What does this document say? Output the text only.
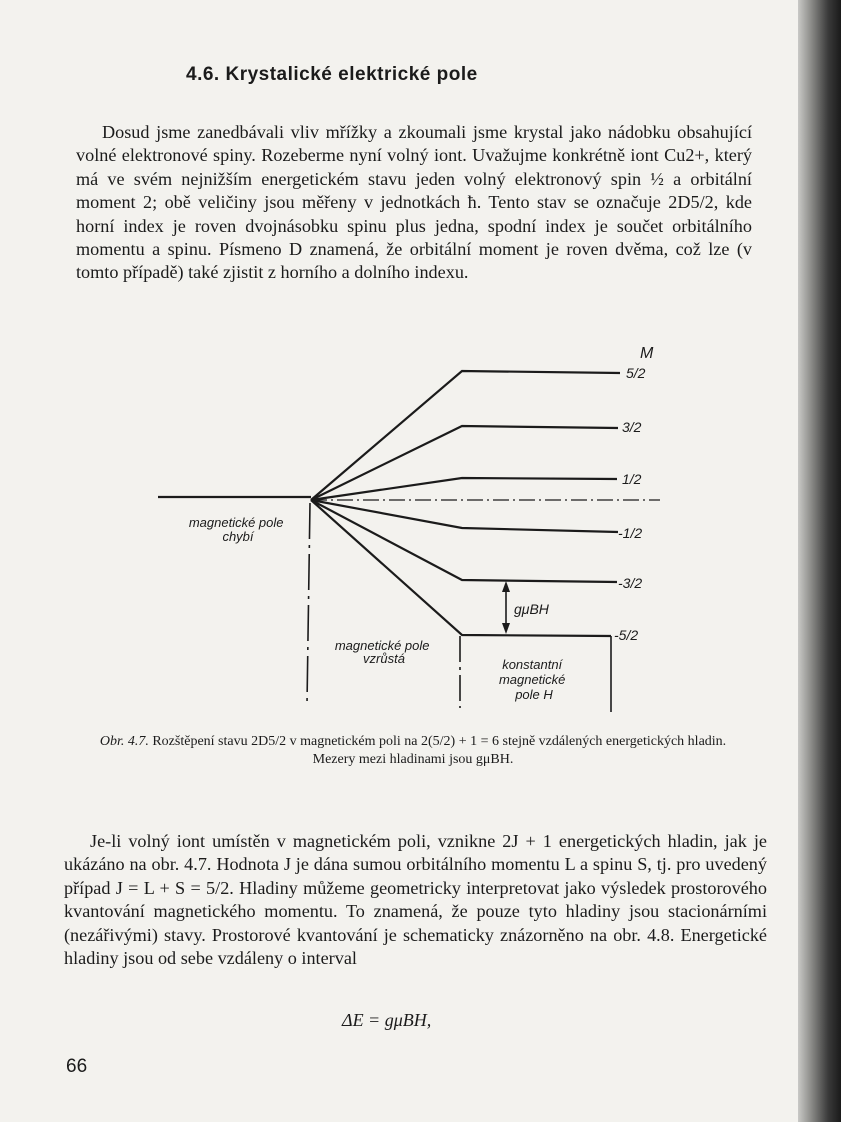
4.6. Krystalické elektrické pole

Dosud jsme zanedbávali vliv mřížky a zkoumali jsme krystal jako nádobku obsahující volné elektronové spiny. Rozeberme nyní volný iont. Uvažujme konkrétně iont Cu2+, který má ve svém nejnižším energetickém stavu jeden volný elektronový spin ½ a orbitální moment 2; obě veličiny jsou měřeny v jednotkách ħ. Tento stav se označuje 2D5/2, kde horní index je roven dvojnásobku spinu plus jedna, spodní index je součet orbitálního momentu a spinu. Písmeno D znamená, že orbitální moment je roven dvěma, což lze (v tomto případě) také zjistit z horního a dolního indexu.

M
5/2
3/2
1/2
-1/2
-3/2
-5/2
magnetické pole chybí
magnetické pole vzrůstá	konstantní magnetické pole H
gμBH
Obr. 4.7. Rozštěpení stavu 2D5/2 v magnetickém poli na 2(5/2) + 1 = 6 stejně vzdálených energetických hladin.
Mezery mezi hladinami jsou gμBH.

Je-li volný iont umístěn v magnetickém poli, vznikne 2J + 1 energetických hladin, jak je ukázáno na obr. 4.7. Hodnota J je dána sumou orbitálního momentu L a spinu S, tj. pro uvedený případ J = L + S = 5/2. Hladiny můžeme geometricky interpretovat jako výsledek prostorového kvantování magnetického momentu. To znamená, že pouze tyto hladiny jsou stacionárními (nezářivými) stavy. Prostorové kvantování je schematicky znázorněno na obr. 4.8. Energetické hladiny jsou od sebe vzdáleny o interval

ΔE = gμBH,
66
